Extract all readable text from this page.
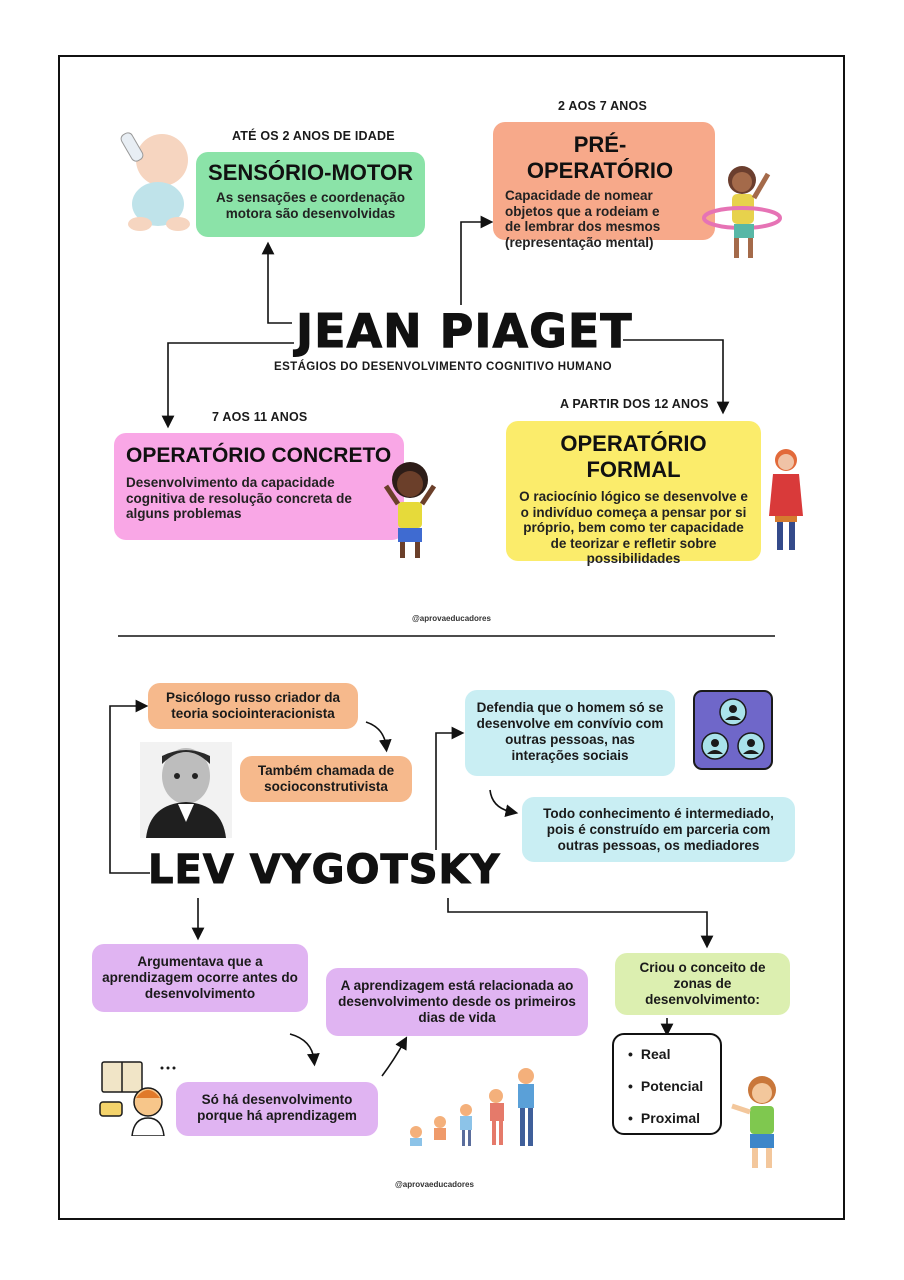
ATÉ OS 2 ANOS DE IDADE
SENSÓRIO-MOTOR
As sensações e coordenação motora são desenvolvidas
2 AOS 7 ANOS
PRÉ-OPERATÓRIO
Capacidade de nomear objetos que a rodeiam e de lembrar dos mesmos (representação mental)
JEAN PIAGET
ESTÁGIOS DO DESENVOLVIMENTO COGNITIVO HUMANO
7 AOS 11 ANOS
OPERATÓRIO CONCRETO
Desenvolvimento da capacidade cognitiva de resolução concreta de alguns problemas
A PARTIR DOS 12 ANOS
OPERATÓRIO FORMAL
O raciocínio lógico se desenvolve e o indivíduo começa a pensar por si próprio, bem como ter capacidade de teorizar e refletir sobre possibilidades
@aprovaeducadores
Psicólogo russo criador da teoria sociointeracionista
Também chamada de socioconstrutivista
Defendia que o homem só se desenvolve em convívio com outras pessoas, nas interações sociais
Todo conhecimento é intermediado, pois é construído em parceria com outras pessoas, os mediadores
LEV VYGOTSKY
Argumentava que a aprendizagem ocorre antes do desenvolvimento
A aprendizagem está relacionada ao desenvolvimento desde os primeiros dias de vida
Criou o conceito de zonas de desenvolvimento:
• Real
• Potencial
• Proximal
Só há desenvolvimento porque há aprendizagem
@aprovaeducadores
